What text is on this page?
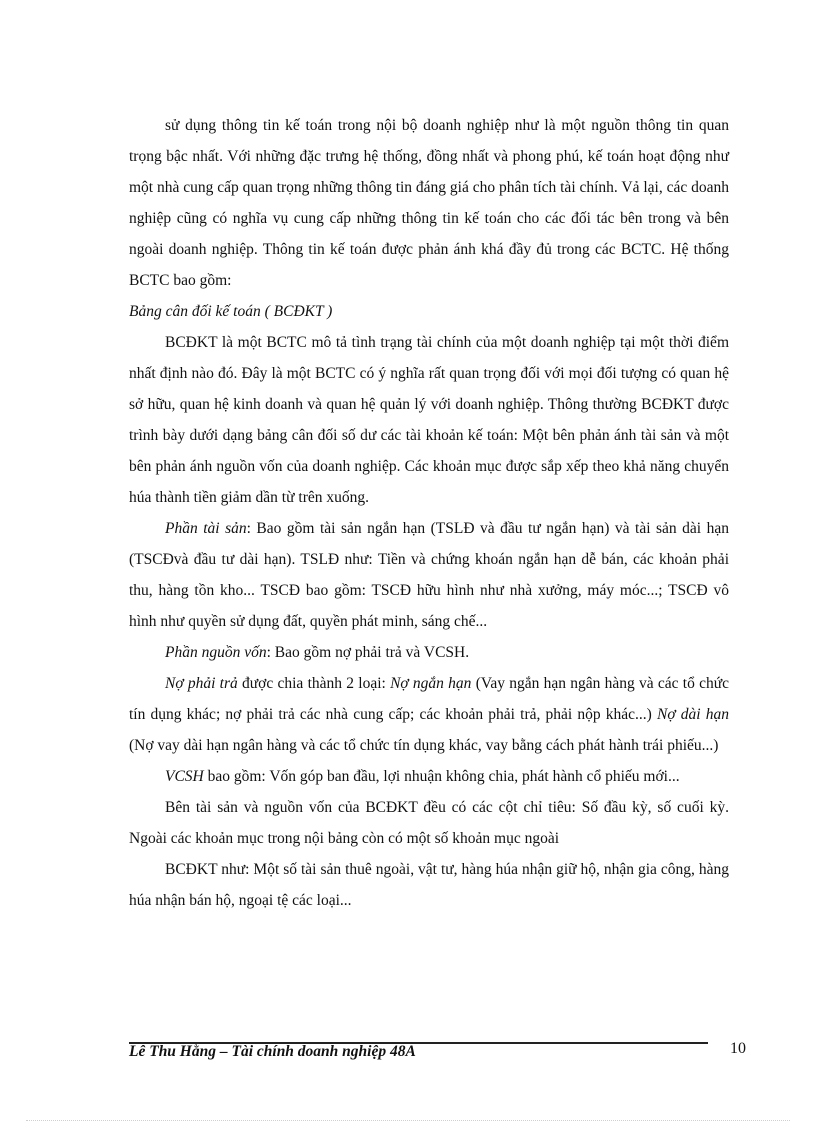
sử dụng thông tin kế toán trong nội bộ doanh nghiệp như là một nguồn thông tin quan trọng bậc nhất. Với những đặc trưng hệ thống, đồng nhất và phong phú, kế toán hoạt động như một nhà cung cấp quan trọng những thông tin đáng giá cho phân tích tài chính. Vả lại, các doanh nghiệp cũng có nghĩa vụ cung cấp những thông tin kế toán cho các đối tác bên trong và bên ngoài doanh nghiệp. Thông tin kế toán được phản ánh khá đầy đủ trong các BCTC. Hệ thống BCTC bao gồm:

Bảng cân đối kế toán ( BCĐKT )

BCĐKT là một BCTC mô tả tình trạng tài chính của một doanh nghiệp tại một thời điểm nhất định nào đó. Đây là một BCTC có ý nghĩa rất quan trọng đối với mọi đối tượng có quan hệ sở hữu, quan hệ kinh doanh và quan hệ quản lý với doanh nghiệp. Thông thường BCĐKT được trình bày dưới dạng bảng cân đối số dư các tài khoản kế toán: Một bên phản ánh tài sản và một bên phản ánh nguồn vốn của doanh nghiệp. Các khoản mục được sắp xếp theo khả năng chuyển húa thành tiền giảm dần từ trên xuống.

Phần tài sản: Bao gồm tài sản ngắn hạn (TSLĐ và đầu tư ngắn hạn) và tài sản dài hạn (TSCĐvà đầu tư dài hạn). TSLĐ như: Tiền và chứng khoán ngắn hạn dễ bán, các khoản phải thu, hàng tồn kho... TSCĐ bao gồm: TSCĐ hữu hình như nhà xưởng, máy móc...; TSCĐ vô hình như quyền sử dụng đất, quyền phát minh, sáng chế...

Phần nguồn vốn: Bao gồm nợ phải trả và VCSH.

Nợ phải trả được chia thành 2 loại: Nợ ngắn hạn (Vay ngắn hạn ngân hàng và các tổ chức tín dụng khác; nợ phải trả các nhà cung cấp; các khoản phải trả, phải nộp khác...) Nợ dài hạn (Nợ vay dài hạn ngân hàng và các tổ chức tín dụng khác, vay bằng cách phát hành trái phiếu...)

VCSH bao gồm: Vốn góp ban đầu, lợi nhuận không chia, phát hành cổ phiếu mới...

Bên tài sản và nguồn vốn của BCĐKT đều có các cột chỉ tiêu: Số đầu kỳ, số cuối kỳ. Ngoài các khoản mục trong nội bảng còn có một số khoản mục ngoài

BCĐKT như: Một số tài sản thuê ngoài, vật tư, hàng húa nhận giữ hộ, nhận gia công, hàng húa nhận bán hộ, ngoại tệ các loại...

Lê Thu Hằng – Tài chính doanh nghiệp 48A	10
